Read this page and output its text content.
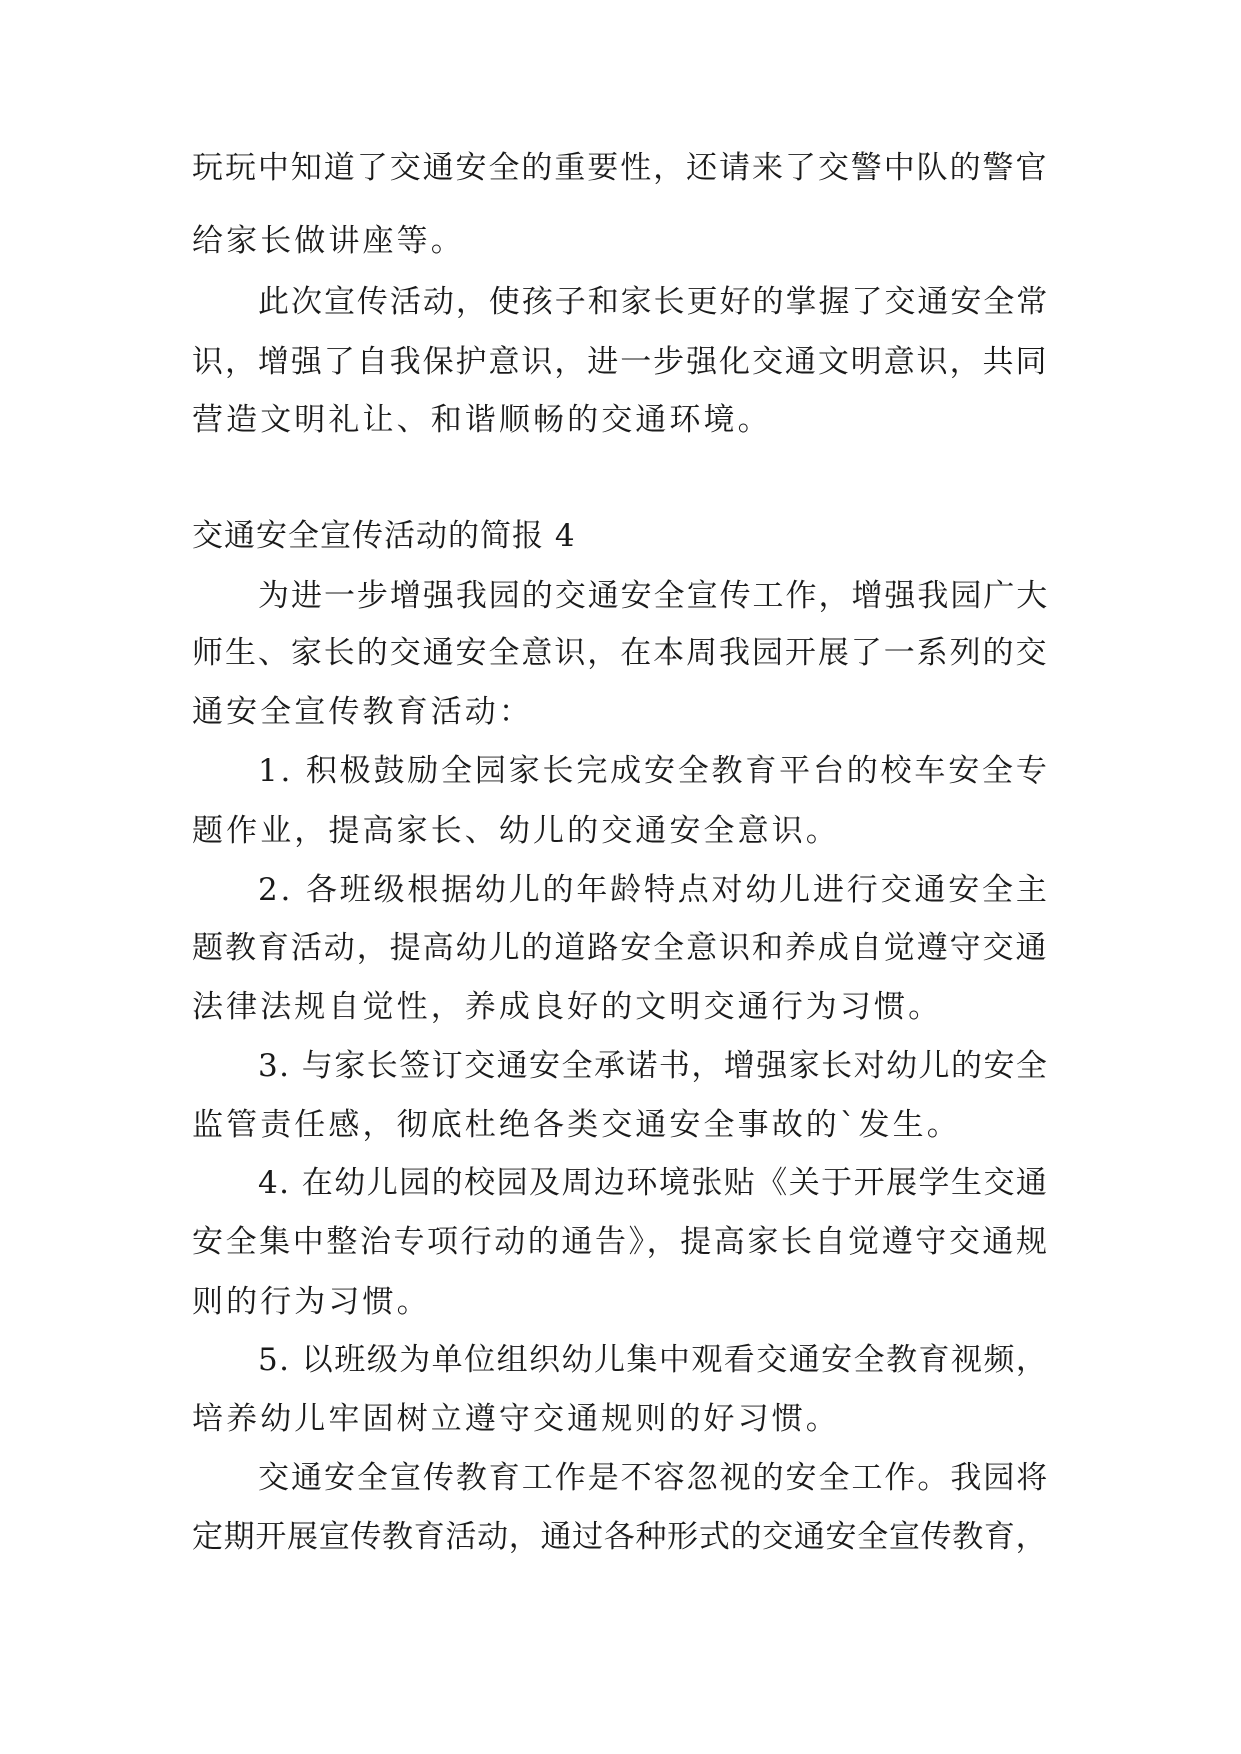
玩玩中知道了交通安全的重要性，还请来了交警中队的警官
给家长做讲座等。
此次宣传活动，使孩子和家长更好的掌握了交通安全常
识，增强了自我保护意识，进一步强化交通文明意识，共同
营造文明礼让、和谐顺畅的交通环境。
交通安全宣传活动的简报 4
为进一步增强我园的交通安全宣传工作，增强我园广大
师生、家长的交通安全意识，在本周我园开展了一系列的交
通安全宣传教育活动：
1. 积极鼓励全园家长完成安全教育平台的校车安全专
题作业，提高家长、幼儿的交通安全意识。
2. 各班级根据幼儿的年龄特点对幼儿进行交通安全主
题教育活动，提高幼儿的道路安全意识和养成自觉遵守交通
法律法规自觉性，养成良好的文明交通行为习惯。
3. 与家长签订交通安全承诺书，增强家长对幼儿的安全
监管责任感，彻底杜绝各类交通安全事故的`发生。
4. 在幼儿园的校园及周边环境张贴《关于开展学生交通
安全集中整治专项行动的通告》，提高家长自觉遵守交通规
则的行为习惯。
5. 以班级为单位组织幼儿集中观看交通安全教育视频，
培养幼儿牢固树立遵守交通规则的好习惯。
交通安全宣传教育工作是不容忽视的安全工作。我园将
定期开展宣传教育活动，通过各种形式的交通安全宣传教育，
